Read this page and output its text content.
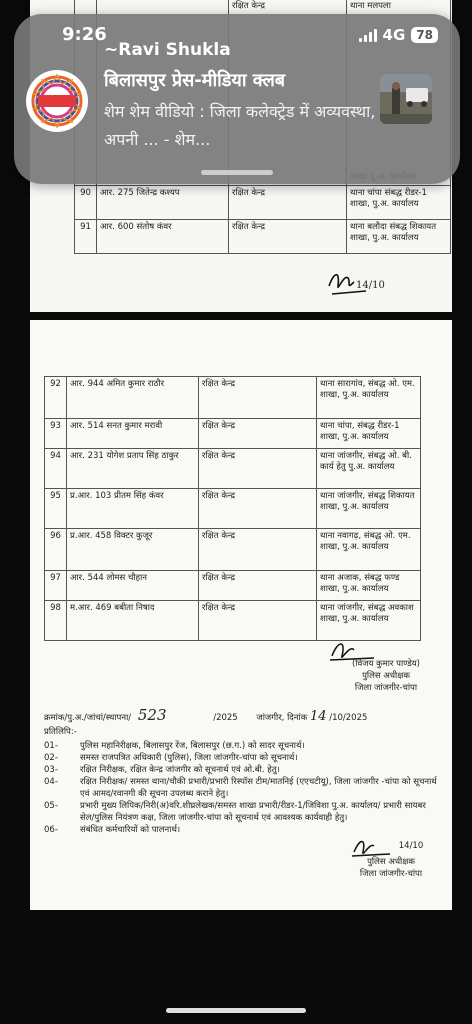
		रक्षित केन्द्र	थाना मलपला

90	आर. 275 जितेन्द्र कश्यप	रक्षित केन्द्र	थाना चांपा संबद्ध रीडर-1 शाखा, पु.अ. कार्यालय
91	आर. 600 संतोष कंवर	रक्षित केन्द्र	थाना बलौदा संबद्ध शिकायत शाखा, पु.अ. कार्यालय
14/10
9:26	4G 78
~Ravi Shukla
बिलासपुर प्रेस-मीडिया क्लब
शेम शेम वीडियो : जिला कलेक्ट्रेड में अव्यवस्था, अपनी ... - शेम...
92	आर. 944 अमित कुमार राठौर	रक्षित केन्द्र	थाना सारागांव, संबद्ध ओ. एम. शाखा, पु.अ. कार्यालय
93	आर. 514 सनत कुमार मरावी	रक्षित केन्द्र	थाना चांपा, संबद्ध रीडर-1 शाखा, पु.अ. कार्यालय
94	आर. 231 योगेश प्रताप सिंह ठाकुर	रक्षित केन्द्र	थाना जांजगीर, संबद्ध ओ. बी. कार्य हेतु पु.अ. कार्यालय
95	प्र.आर. 103 प्रीतम सिंह कंवर	रक्षित केन्द्र	थाना जांजगीर, संबद्ध शिकायत शाखा, पु.अ. कार्यालय
96	प्र.आर. 458 विक्टर कुजूर	रक्षित केन्द्र	थाना नवागढ़, संबद्ध ओ. एम. शाखा, पु.अ. कार्यालय
97	आर. 544 लोमस चौहान	रक्षित केन्द्र	थाना अजाक, संबद्ध फण्ड शाखा, पु.अ. कार्यालय
98	म.आर. 469 बबीता निषाद	रक्षित केन्द्र	थाना जांजगीर, संबद्ध अवकाश शाखा, पु.अ. कार्यालय
(विजय कुमार पाण्डेय)
पुलिस अधीक्षक
जिला जांजगीर-चांपा
क्रमांक/पु.अ./जांचां/स्थापना/ 523	/2025 जांजगीर, दिनांक 14 /10/2025
प्रतिलिपि:-
01-	पुलिस महानिरीक्षक, बिलासपुर रेंज, बिलासपुर (छ.ग.) को सादर सूचनार्थ।
02-	समस्त राजपत्रित अधिकारी (पुलिस), जिला जांजगीर-चांपा को सूचनार्थ।
03-	रक्षित निरीक्षक, रक्षित केन्द्र जांजगीर को सूचनार्थ एवं ओ.बी. हेतु।
04-	रक्षित निरीक्षक/ समस्त थाना/चौकी प्रभारी/प्रभारी रिस्पॉस टीम/मातनिई (एएचटीयू), जिला जांजगीर -चांपा को सूचनार्थ एवं आमद/रवानगी की सूचना उपलब्ध कराने हेतु।
05-	प्रभारी मुख्य लिपिक/निरी(अ)वरि.शीघ्रलेखक/समस्त शाखा प्रभारी/रीडर-1/जिविशा पु.अ. कार्यालय/ प्रभारी सायबर सेल/पुलिस नियंत्रण कक्ष, जिला जांजगीर-चांपा को सूचनार्थ एवं आवश्यक कार्यवाही हेतु।
06-	संबंधित कर्मचारियों को पालनार्थ।
14/10
पुलिस अधीक्षक
जिला जांजगीर-चांपा
